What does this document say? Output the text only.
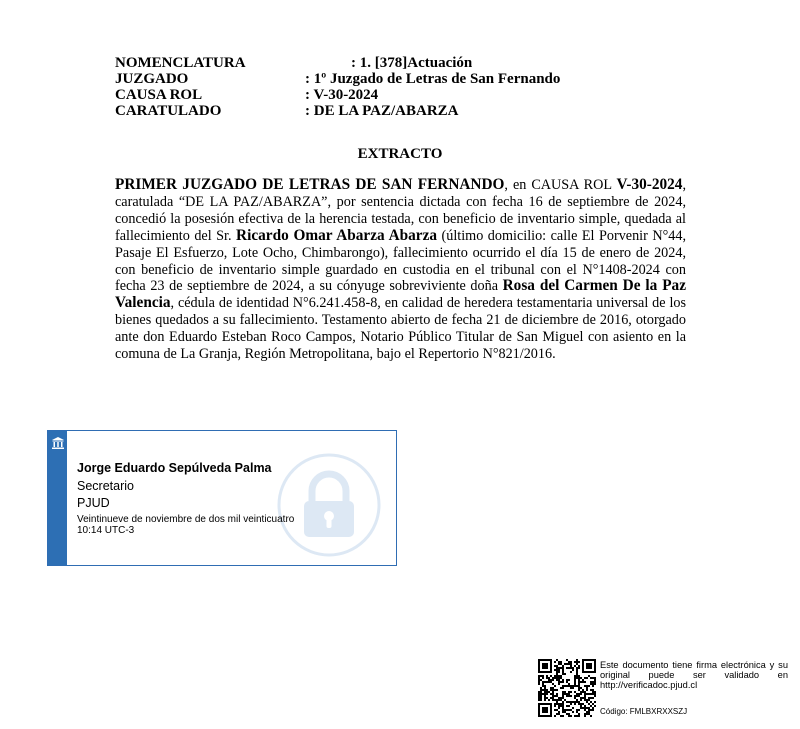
NOMENCLATURA	: 1. [378]Actuación
JUZGADO	: 1º Juzgado de Letras de San Fernando
CAUSA ROL	: V-30-2024
CARATULADO	: DE LA PAZ/ABARZA
EXTRACTO
PRIMER JUZGADO DE LETRAS DE SAN FERNANDO, en CAUSA ROL V-30-2024, caratulada “DE LA PAZ/ABARZA”, por sentencia dictada con fecha 16 de septiembre de 2024, concedió la posesión efectiva de la herencia testada, con beneficio de inventario simple, quedada al fallecimiento del Sr. Ricardo Omar Abarza Abarza (último domicilio: calle El Porvenir N°44, Pasaje El Esfuerzo, Lote Ocho, Chimbarongo), fallecimiento ocurrido el día 15 de enero de 2024, con beneficio de inventario simple guardado en custodia en el tribunal con el N°1408-2024 con fecha 23 de septiembre de 2024, a su cónyuge sobreviviente doña Rosa del Carmen De la Paz Valencia, cédula de identidad N°6.241.458-8, en calidad de heredera testamentaria universal de los bienes quedados a su fallecimiento. Testamento abierto de fecha 21 de diciembre de 2016, otorgado ante don Eduardo Esteban Roco Campos, Notario Público Titular de San Miguel con asiento en la comuna de La Granja, Región Metropolitana, bajo el Repertorio N°821/2016.
Jorge Eduardo Sepúlveda Palma
Secretario
PJUD
Veintinueve de noviembre de dos mil veinticuatro
10:14 UTC-3
Este documento tiene firma electrónica y su original puede ser validado en http://verificadoc.pjud.cl
Código: FMLBXRXXSZJ
